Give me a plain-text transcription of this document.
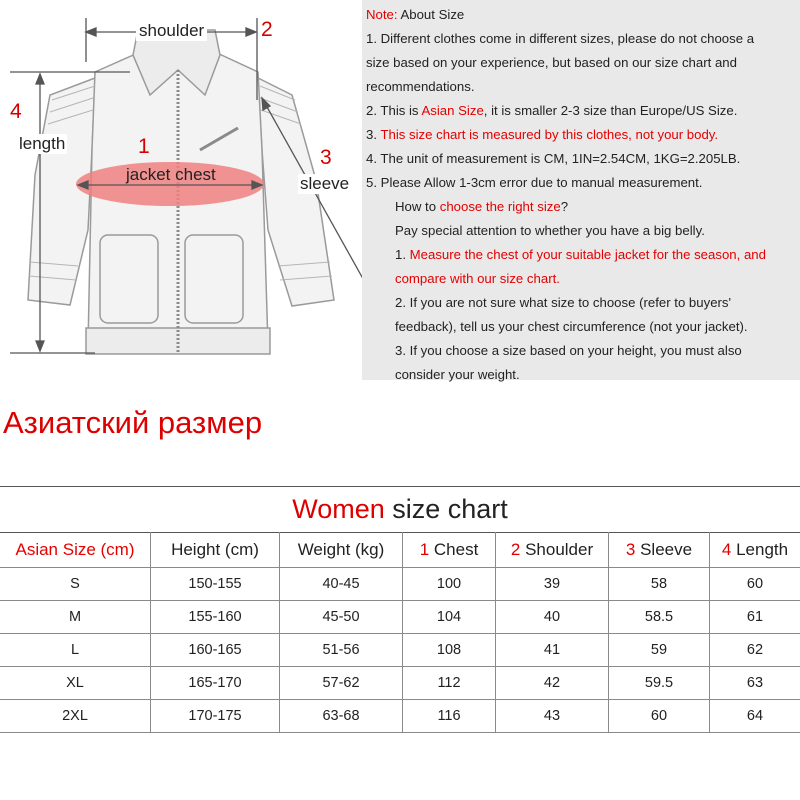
shoulder	2
4
length	1
jacket chest
3
sleeve

Note: About Size

1. Different clothes come in different sizes, please do not choose a

size based on your experience, but based on our size chart and

recommendations.

2. This is Asian Size, it is smaller 2-3 size than Europe/US Size.

3. This size chart is measured by this clothes, not your body.

4. The unit of measurement is CM, 1IN=2.54CM, 1KG=2.205LB.

5. Please Allow 1-3cm error due to manual measurement.

How to choose the right size?

Pay special attention to whether you have a big belly.

1. Measure the chest of your suitable jacket for the season, and

compare with our size chart.

2. If you are not sure what size to choose (refer to buyers'

feedback), tell us your chest circumference (not your jacket).

3. If you choose a size based on your height, you must also

consider your weight.

Азиатский размер
Women size chart
Asian Size (cm)	Height (cm)	Weight (kg)	1 Chest	2 Shoulder	3 Sleeve	4 Length
S	150-155	40-45	100	39	58	60
M	155-160	45-50	104	40	58.5	61
L	160-165	51-56	108	41	59	62
XL	165-170	57-62	112	42	59.5	63
2XL	170-175	63-68	116	43	60	64
